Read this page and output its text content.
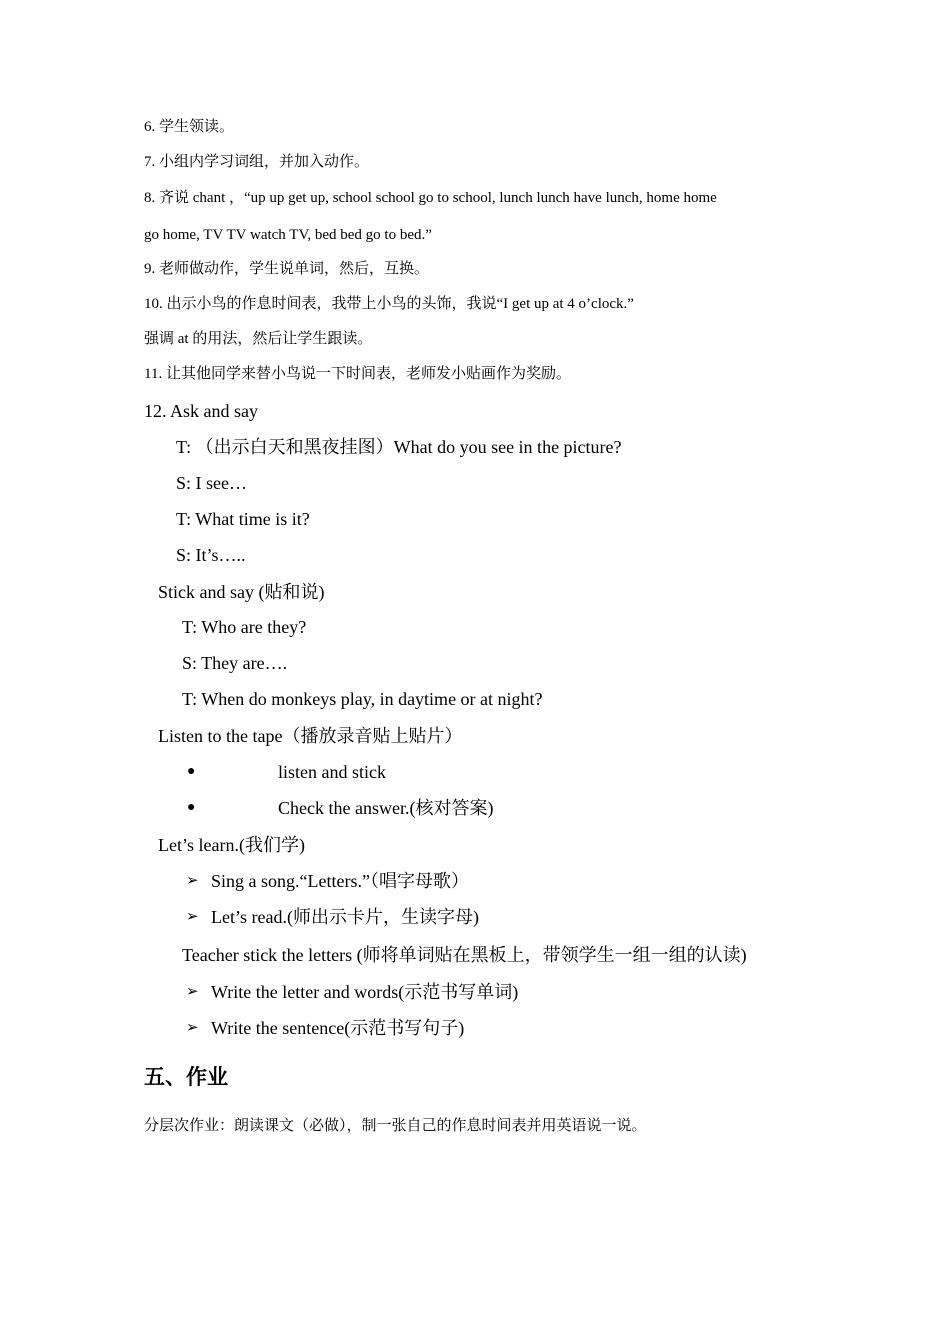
6. 学生领读。
7. 小组内学习词组，并加入动作。
8. 齐说 chant ，“up up get up, school school go to school, lunch lunch have lunch, home home
go home, TV TV watch TV, bed bed go to bed.”
9. 老师做动作，学生说单词，然后，互换。
10. 出示小鸟的作息时间表，我带上小鸟的头饰，我说“I get up at 4 o’clock.”
强调 at 的用法，然后让学生跟读。
11. 让其他同学来替小鸟说一下时间表，老师发小贴画作为奖励。
12. Ask and say
T: （出示白天和黑夜挂图）What do you see in the picture?
S: I see…
T: What time is it?
S: It’s…..
Stick and say (贴和说)
T: Who are they?
S: They are….
T: When do monkeys play, in daytime or at night?
Listen to the tape（播放录音贴上贴片）
●	listen and stick
●	Check the answer.(核对答案)
Let’s learn.(我们学)
➢ Sing a song.“Letters.”（唱字母歌）
➢ Let’s read.(师出示卡片，生读字母)
Teacher stick the letters (师将单词贴在黑板上，带领学生一组一组的认读)
➢ Write the letter and words(示范书写单词)
➢ Write the sentence(示范书写句子)
五、作业
分层次作业：朗读课文（必做），制一张自己的作息时间表并用英语说一说。
